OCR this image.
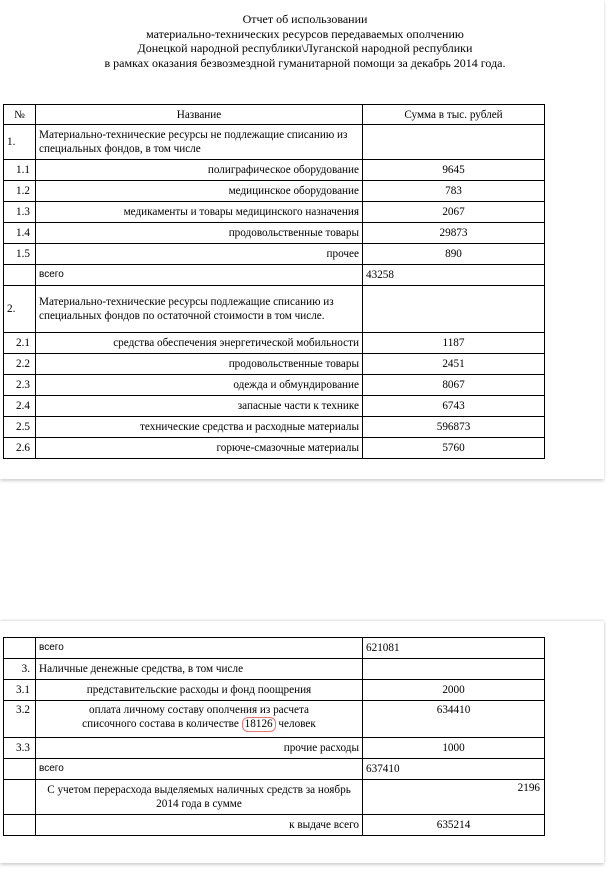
Отчет об использовании
материально-технических ресурсов передаваемых ополчению
Донецкой народной республики\Луганской народной республики
в рамках оказания безвозмездной гуманитарной помощи за декабрь 2014 года.
№	Название	Сумма в тыс. рублей
1.	Материально-технические ресурсы не подлежащие списанию из специальных фондов, в том числе	
1.1	полиграфическое оборудование	9645
1.2	медицинское оборудование	783
1.3	медикаменты и товары медицинского назначения	2067
1.4	продовольственные товары	29873
1.5	прочее	890
	всего	43258
2.	Материально-технические ресурсы подлежащие списанию из специальных фондов по остаточной стоимости в том числе.	
2.1	средства обеспечения энергетической мобильности	1187
2.2	продовольственные товары	2451
2.3	одежда и обмундирование	8067
2.4	запасные части к технике	6743
2.5	технические средства и расходные материалы	596873
2.6	горюче-смазочные материалы	5760
	всего	621081
3.	Наличные денежные средства, в том числе	
3.1	представительские расходы и фонд поощрения	2000
3.2	оплата личному составу ополчения из расчета
списочного состава в количестве 18126 человек	634410
3.3	прочие расходы	1000
	всего	637410
	С учетом перерасхода выделяемых наличных средств за ноябрь 2014 года в сумме	2196
	к выдаче всего	635214
